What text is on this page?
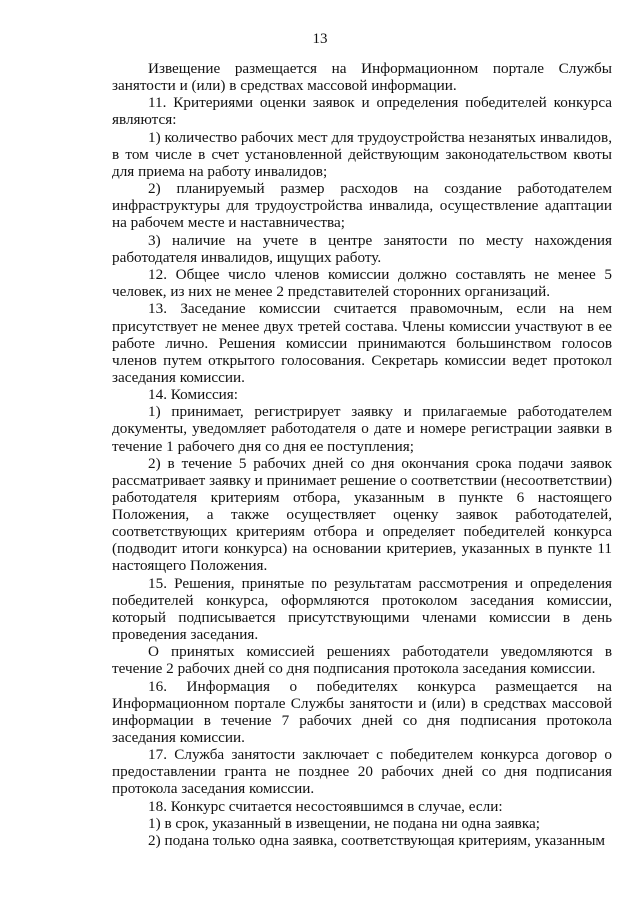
13

Извещение размещается на Информационном портале Службы занятости и (или) в средствах массовой информации.

11. Критериями оценки заявок и определения победителей конкурса являются:

1) количество рабочих мест для трудоустройства незанятых инвалидов, в том числе в счет установленной действующим законодательством квоты для приема на работу инвалидов;

2) планируемый размер расходов на создание работодателем инфраструктуры для трудоустройства инвалида, осуществление адаптации на рабочем месте и наставничества;

3) наличие на учете в центре занятости по месту нахождения работодателя инвалидов, ищущих работу.

12. Общее число членов комиссии должно составлять не менее 5 человек, из них не менее 2 представителей сторонних организаций.

13. Заседание комиссии считается правомочным, если на нем присутствует не менее двух третей состава. Члены комиссии участвуют в ее работе лично. Решения комиссии принимаются большинством голосов членов путем открытого голосования. Секретарь комиссии ведет протокол заседания комиссии.

14. Комиссия:

1) принимает, регистрирует заявку и прилагаемые работодателем документы, уведомляет работодателя о дате и номере регистрации заявки в течение 1 рабочего дня со дня ее поступления;

2) в течение 5 рабочих дней со дня окончания срока подачи заявок рассматривает заявку и принимает решение о соответствии (несоответствии) работодателя критериям отбора, указанным в пункте 6 настоящего Положения, а также осуществляет оценку заявок работодателей, соответствующих критериям отбора и определяет победителей конкурса (подводит итоги конкурса) на основании критериев, указанных в пункте 11 настоящего Положения.

15. Решения, принятые по результатам рассмотрения и определения победителей конкурса, оформляются протоколом заседания комиссии, который подписывается присутствующими членами комиссии в день проведения заседания.

О принятых комиссией решениях работодатели уведомляются в течение 2 рабочих дней со дня подписания протокола заседания комиссии.

16. Информация о победителях конкурса размещается на Информационном портале Службы занятости и (или) в средствах массовой информации в течение 7 рабочих дней со дня подписания протокола заседания комиссии.

17. Служба занятости заключает с победителем конкурса договор о предоставлении гранта не позднее 20 рабочих дней со дня подписания протокола заседания комиссии.

18. Конкурс считается несостоявшимся в случае, если:

1) в срок, указанный в извещении, не подана ни одна заявка;

2) подана только одна заявка, соответствующая критериям, указанным
